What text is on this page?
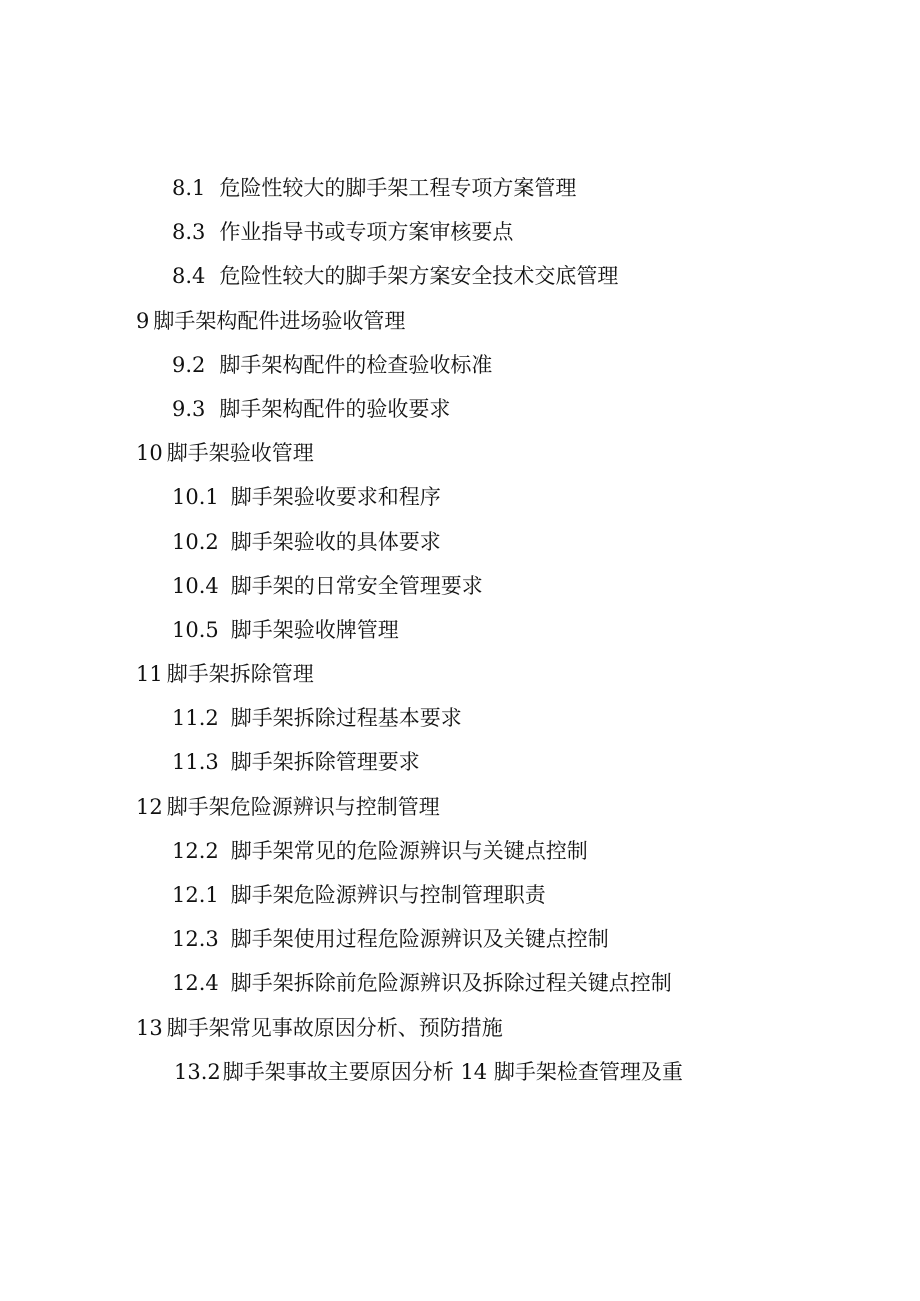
8.1 危险性较大的脚手架工程专项方案管理
8.3 作业指导书或专项方案审核要点
8.4 危险性较大的脚手架方案安全技术交底管理
9 脚手架构配件进场验收管理
9.2 脚手架构配件的检查验收标准
9.3 脚手架构配件的验收要求
10 脚手架验收管理
10.1 脚手架验收要求和程序
10.2 脚手架验收的具体要求
10.4 脚手架的日常安全管理要求
10.5 脚手架验收牌管理
11 脚手架拆除管理
11.2 脚手架拆除过程基本要求
11.3 脚手架拆除管理要求
12 脚手架危险源辨识与控制管理
12.2 脚手架常见的危险源辨识与关键点控制
12.1 脚手架危险源辨识与控制管理职责
12.3 脚手架使用过程危险源辨识及关键点控制
12.4 脚手架拆除前危险源辨识及拆除过程关键点控制
13 脚手架常见事故原因分析、预防措施
13.2脚手架事故主要原因分析 14 脚手架检查管理及重
